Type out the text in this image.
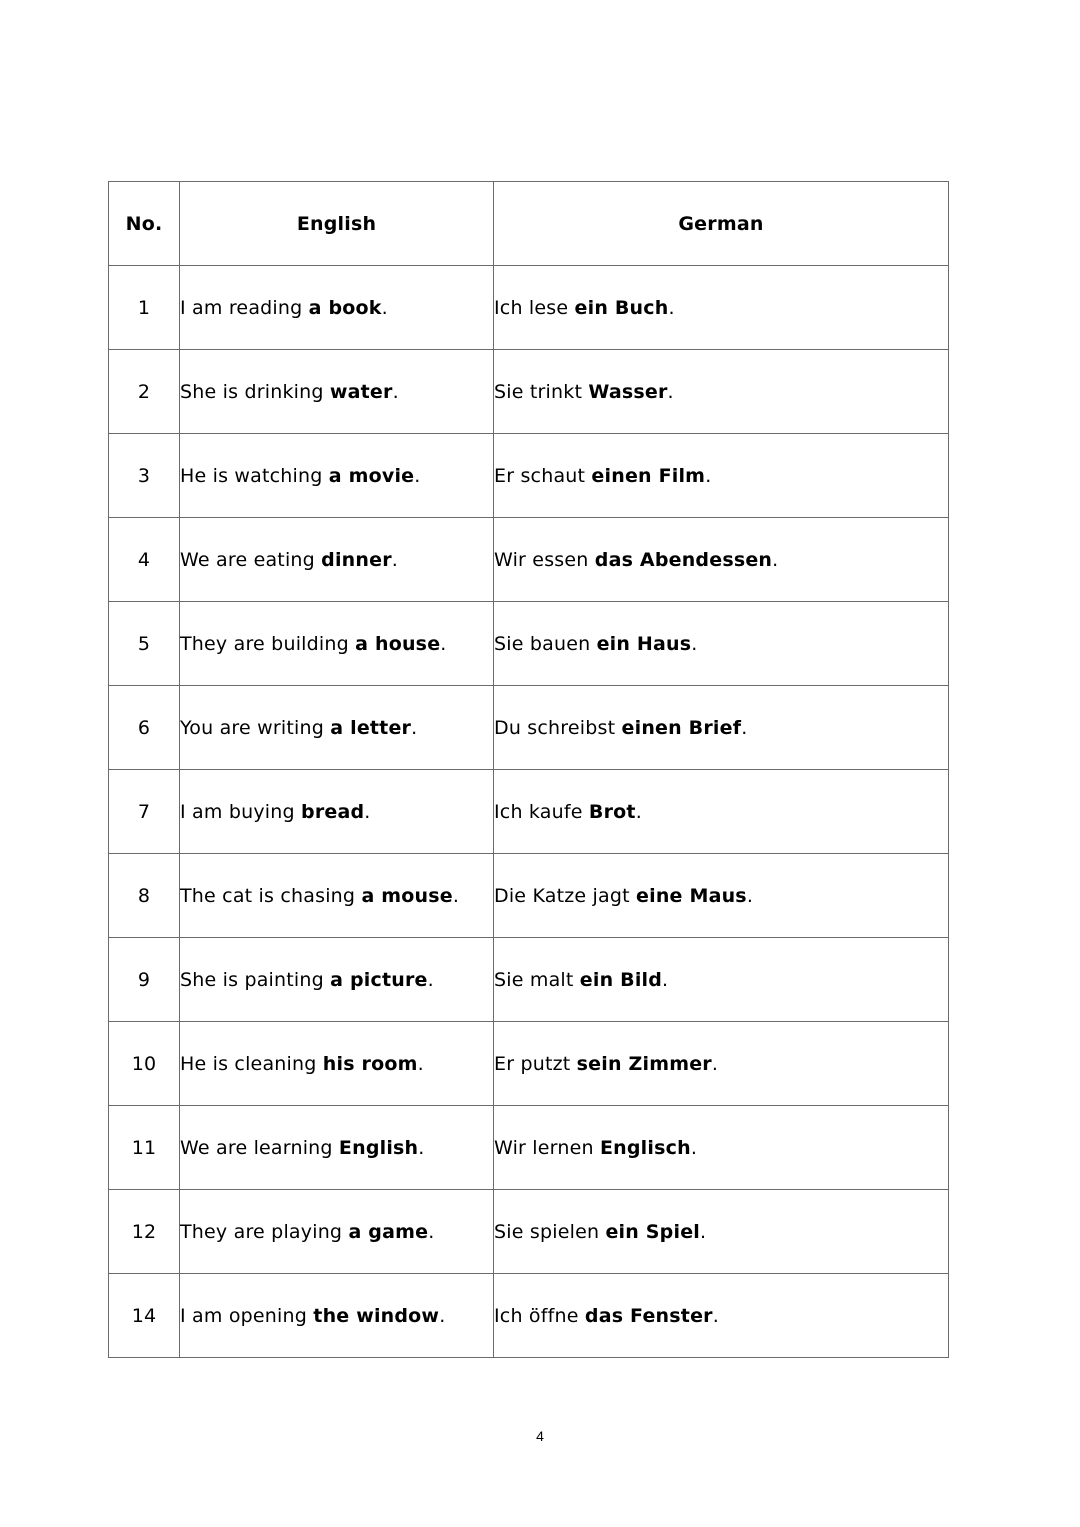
No.	English	German
1	I am reading a book.	Ich lese ein Buch.
2	She is drinking water.	Sie trinkt Wasser.
3	He is watching a movie.	Er schaut einen Film.
4	We are eating dinner.	Wir essen das Abendessen.
5	They are building a house.	Sie bauen ein Haus.
6	You are writing a letter.	Du schreibst einen Brief.
7	I am buying bread.	Ich kaufe Brot.
8	The cat is chasing a mouse.	Die Katze jagt eine Maus.
9	She is painting a picture.	Sie malt ein Bild.
10	He is cleaning his room.	Er putzt sein Zimmer.
11	We are learning English.	Wir lernen Englisch.
12	They are playing a game.	Sie spielen ein Spiel.
14	I am opening the window.	Ich öffne das Fenster.
4
